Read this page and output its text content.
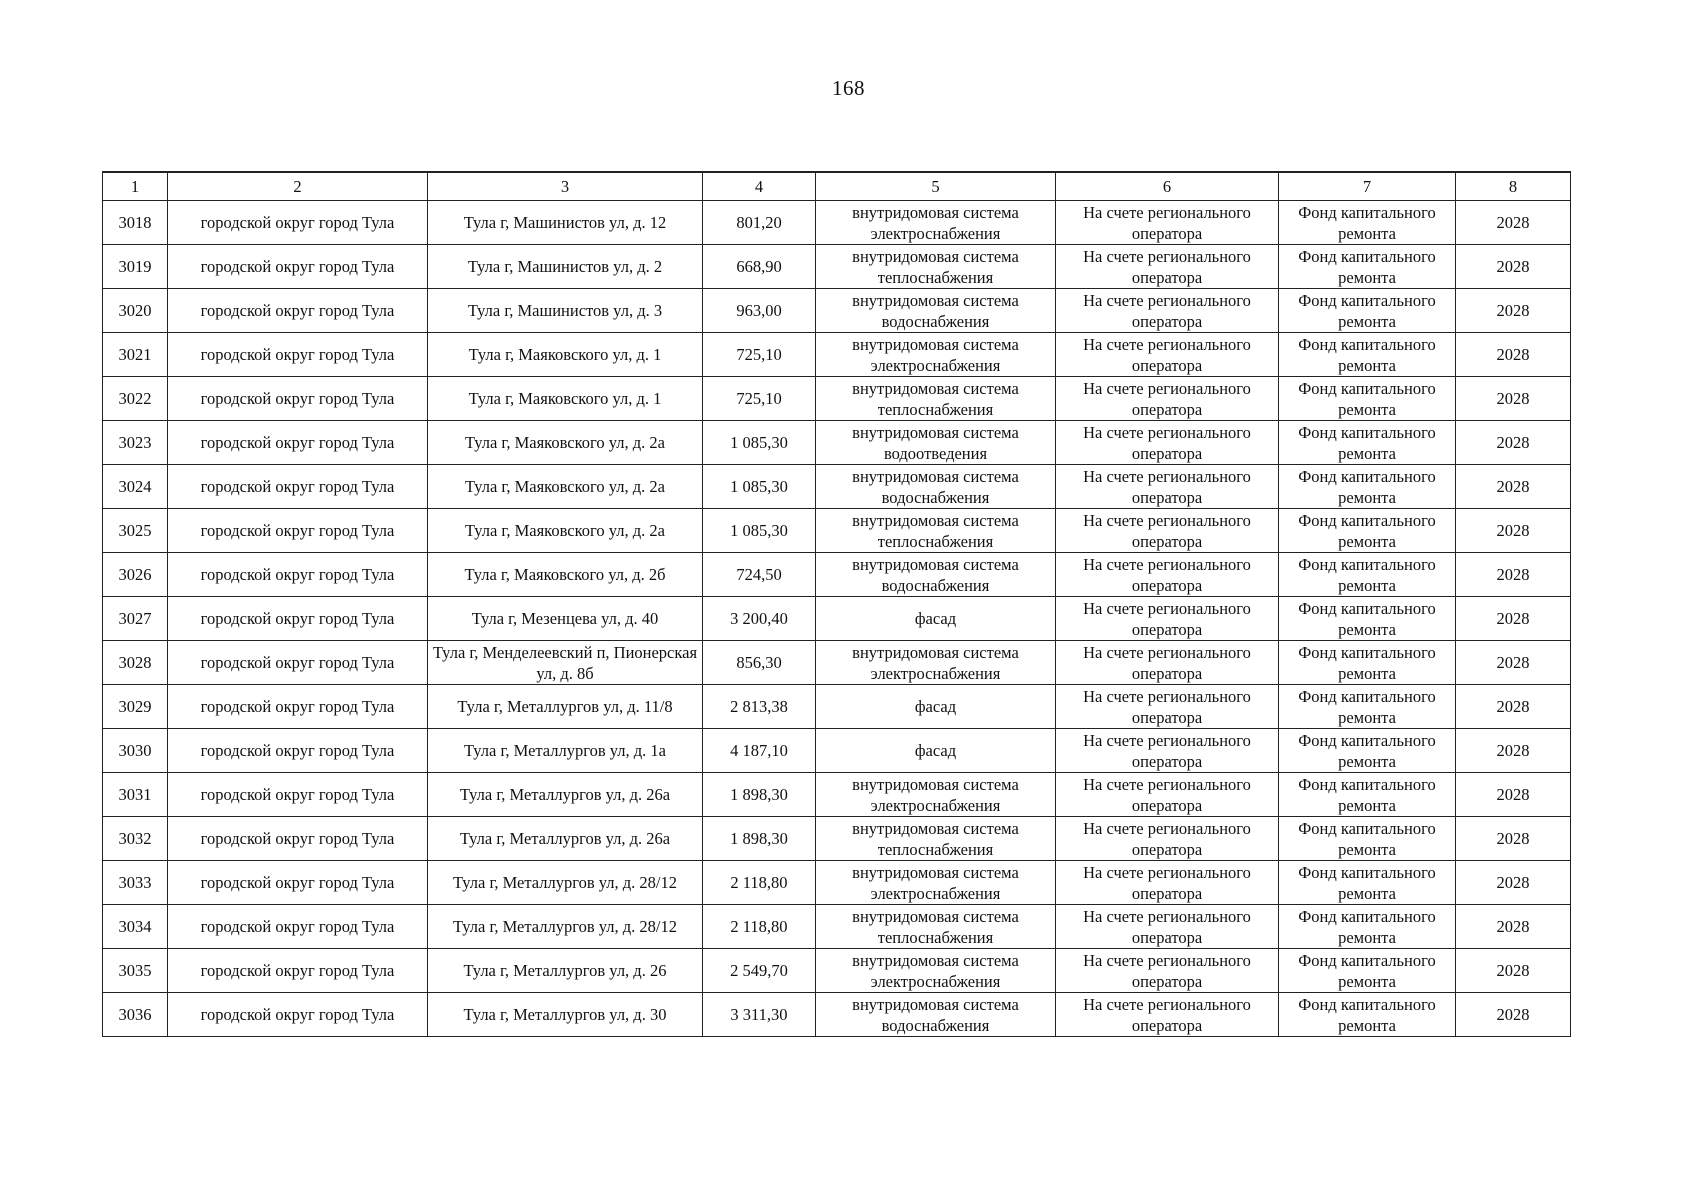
168
1	2	3	4	5	6	7	8
3018	городской округ город Тула	Тула г, Машинистов ул, д. 12	801,20	внутридомовая система электроснабжения	На счете регионального оператора	Фонд капитального ремонта	2028
3019	городской округ город Тула	Тула г, Машинистов ул, д. 2	668,90	внутридомовая система теплоснабжения	На счете регионального оператора	Фонд капитального ремонта	2028
3020	городской округ город Тула	Тула г, Машинистов ул, д. 3	963,00	внутридомовая система водоснабжения	На счете регионального оператора	Фонд капитального ремонта	2028
3021	городской округ город Тула	Тула г, Маяковского ул, д. 1	725,10	внутридомовая система электроснабжения	На счете регионального оператора	Фонд капитального ремонта	2028
3022	городской округ город Тула	Тула г, Маяковского ул, д. 1	725,10	внутридомовая система теплоснабжения	На счете регионального оператора	Фонд капитального ремонта	2028
3023	городской округ город Тула	Тула г, Маяковского ул, д. 2а	1 085,30	внутридомовая система водоотведения	На счете регионального оператора	Фонд капитального ремонта	2028
3024	городской округ город Тула	Тула г, Маяковского ул, д. 2а	1 085,30	внутридомовая система водоснабжения	На счете регионального оператора	Фонд капитального ремонта	2028
3025	городской округ город Тула	Тула г, Маяковского ул, д. 2а	1 085,30	внутридомовая система теплоснабжения	На счете регионального оператора	Фонд капитального ремонта	2028
3026	городской округ город Тула	Тула г, Маяковского ул, д. 2б	724,50	внутридомовая система водоснабжения	На счете регионального оператора	Фонд капитального ремонта	2028
3027	городской округ город Тула	Тула г, Мезенцева ул, д. 40	3 200,40	фасад	На счете регионального оператора	Фонд капитального ремонта	2028
3028	городской округ город Тула	Тула г, Менделеевский п, Пионерская ул, д. 8б	856,30	внутридомовая система электроснабжения	На счете регионального оператора	Фонд капитального ремонта	2028
3029	городской округ город Тула	Тула г, Металлургов ул, д. 11/8	2 813,38	фасад	На счете регионального оператора	Фонд капитального ремонта	2028
3030	городской округ город Тула	Тула г, Металлургов ул, д. 1а	4 187,10	фасад	На счете регионального оператора	Фонд капитального ремонта	2028
3031	городской округ город Тула	Тула г, Металлургов ул, д. 26а	1 898,30	внутридомовая система электроснабжения	На счете регионального оператора	Фонд капитального ремонта	2028
3032	городской округ город Тула	Тула г, Металлургов ул, д. 26а	1 898,30	внутридомовая система теплоснабжения	На счете регионального оператора	Фонд капитального ремонта	2028
3033	городской округ город Тула	Тула г, Металлургов ул, д. 28/12	2 118,80	внутридомовая система электроснабжения	На счете регионального оператора	Фонд капитального ремонта	2028
3034	городской округ город Тула	Тула г, Металлургов ул, д. 28/12	2 118,80	внутридомовая система теплоснабжения	На счете регионального оператора	Фонд капитального ремонта	2028
3035	городской округ город Тула	Тула г, Металлургов ул, д. 26	2 549,70	внутридомовая система электроснабжения	На счете регионального оператора	Фонд капитального ремонта	2028
3036	городской округ город Тула	Тула г, Металлургов ул, д. 30	3 311,30	внутридомовая система водоснабжения	На счете регионального оператора	Фонд капитального ремонта	2028
